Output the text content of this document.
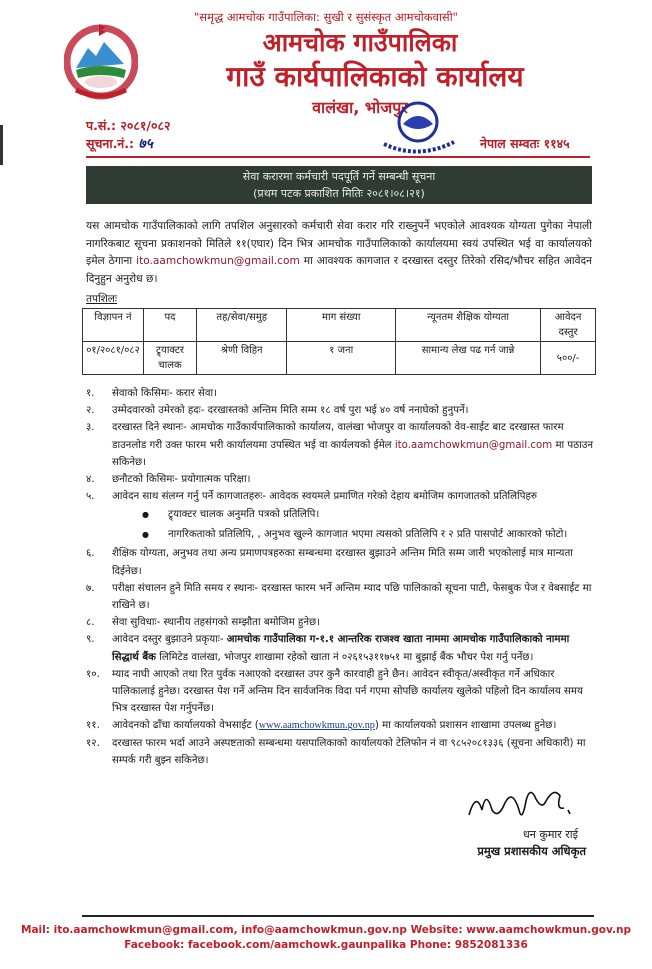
"समृद्ध आमचोक गाउँपालिका: सुखी र सुसंस्कृत आमचोकवासी"
आमचोक गाउँपालिका
गाउँ कार्यपालिकाको कार्यालय
वालंखा, भोजपुर
प.सं.: २०८१/०८२
सूचना.नं.: ७५	नेपाल सम्वतः ११४५
सेवा करारमा कर्मचारी पदपूर्ति गर्ने सम्बन्धी सूचना
(प्रथम पटक प्रकाशित मितिः २०८१।०८।२१)
यस आमचोक गाउँपालिकाको लागि तपशिल अनुसारको कर्मचारी सेवा करार गरि राख्नुपर्ने भएकोले आवश्यक योग्यता पुगेका नेपाली नागरिकबाट सूचना प्रकाशनको मितिले ११(एघार) दिन भित्र आमचोक गाउँपालिकाको कार्यालयमा स्वयं उपस्थित भई वा कार्यालयको इमेल ठेगाना ito.aamchowkmun@gmail.com मा आवश्यक कागजात र दरखास्त दस्तुर तिरेको रसिद/भौचर सहित आवेदन दिनुहुन अनुरोध छ।
तपशिलः
विज्ञापन नं	पद	तह/सेवा/समुह	माग संख्या	न्यूनतम शैक्षिक योग्यता	आवेदन दस्तुर
०१/२०८१/०८२	ट्र्याक्टर चालक	श्रेणी विहिन	१ जना	सामान्य लेख पढ गर्न जान्ने	५००/-
१. सेवाको किसिमः- करार सेवा।
२. उम्मेदवारको उमेरको हदः- दरखास्तको अन्तिम मिति सम्म १८ वर्ष पुरा भई ४० वर्ष ननाघेको हुनुपर्ने।
३. दरखास्त दिने स्थानः- आमचोक गाउँकार्यपालिकाको कार्यालय, वालंखा भोजपुर वा कार्यालयको वेव-साईट बाट दरखास्त फारम डाउनलोड गरी उक्त फारम भरी कार्यालयमा उपस्थित भई वा कार्यलयको ईमेल ito.aamchowkmun@gmail.com मा पठाउन सकिनेछ।
४. छनौटको किसिमः- प्रयोगात्मक परिक्षा।
५. आवेदन साथ संलग्न गर्नु पर्ने कागजातहरुः- आवेदक स्वयमले प्रमाणित गरेको देहाय बमोजिम कागजातको प्रतिलिपिहरु
● ट्र्याक्टर चालक अनुमति पत्रको प्रतिलिपि।
● नागरिकताको प्रतिलिपि, , अनुभव खुल्ने कागजात भएमा त्यसको प्रतिलिपि र २ प्रति पासपोर्ट आकारको फोटो।
६. शैक्षिक योग्यता, अनुभव तथा अन्य प्रमाणपत्रहरुका सम्बन्धमा दरखास्त बुझाउने अन्तिम मिति सम्म जारी भएकोलाई मात्र मान्यता दिईनेछ।
७. परीक्षा संचालन हुने मिति समय र स्थानः- दरखास्त फारम भर्ने अन्तिम म्याद पछि पालिकाको सूचना पाटी, फेसबुक पेज र वेबसाईट मा राखिने छ।
८. सेवा सुविधाः- स्थानीय तहसंगको सम्झौता बमोजिम हुनेछ।
९. आवेदन दस्तुर बुझाउने प्रकृयाः- आमचोक गाउँपालिका ग-१.१ आन्तरिक राजश्व खाता नाममा आमचोक गाउँपालिकाको नाममा सिद्धार्थ बैंक लिमिटेड वालंखा, भोजपुर शाखामा रहेको खाता नं ०२६१५३११७५१ मा बुझाई बैंक भौचर पेश गर्नु पर्नेछ।
१०. म्याद नाघी आएको तथा रित पुर्वक नआएको दरखास्त उपर कुनै कारवाही हुने छैन। आवेदन स्वीकृत/अस्वीकृत गर्ने अधिकार पालिकालाई हुनेछ। दरखास्त पेश गर्ने अन्तिम दिन सार्वजनिक विदा पर्न गएमा सोपछि कार्यालय खुलेको पहिलो दिन कार्यालय समय भित्र दरखास्त पेश गर्नुपर्नेछ।
११. आवेदनको ढाँचा कार्यालयको वेभसाईट (www.aamchowkmun.gov.np) मा कार्यालयको प्रशासन शाखामा उपलब्ध हुनेछ।
१२. दरखास्त फारम भर्दा आउने अस्पष्टताको सम्बन्धमा यसपालिकाको कार्यालयको टेलिफोन नं वा ९८५२०८१३३६ (सूचना अधिकारी) मा सम्पर्क गरी बुझ्न सकिनेछ।
धन कुमार राई
प्रमुख प्रशासकीय अधिकृत
Mail: ito.aamchowkmun@gmail.com, info@aamchowkmun.gov.np Website: www.aamchowkmun.gov.np
Facebook: facebook.com/aamchowk.gaunpalika Phone: 9852081336
